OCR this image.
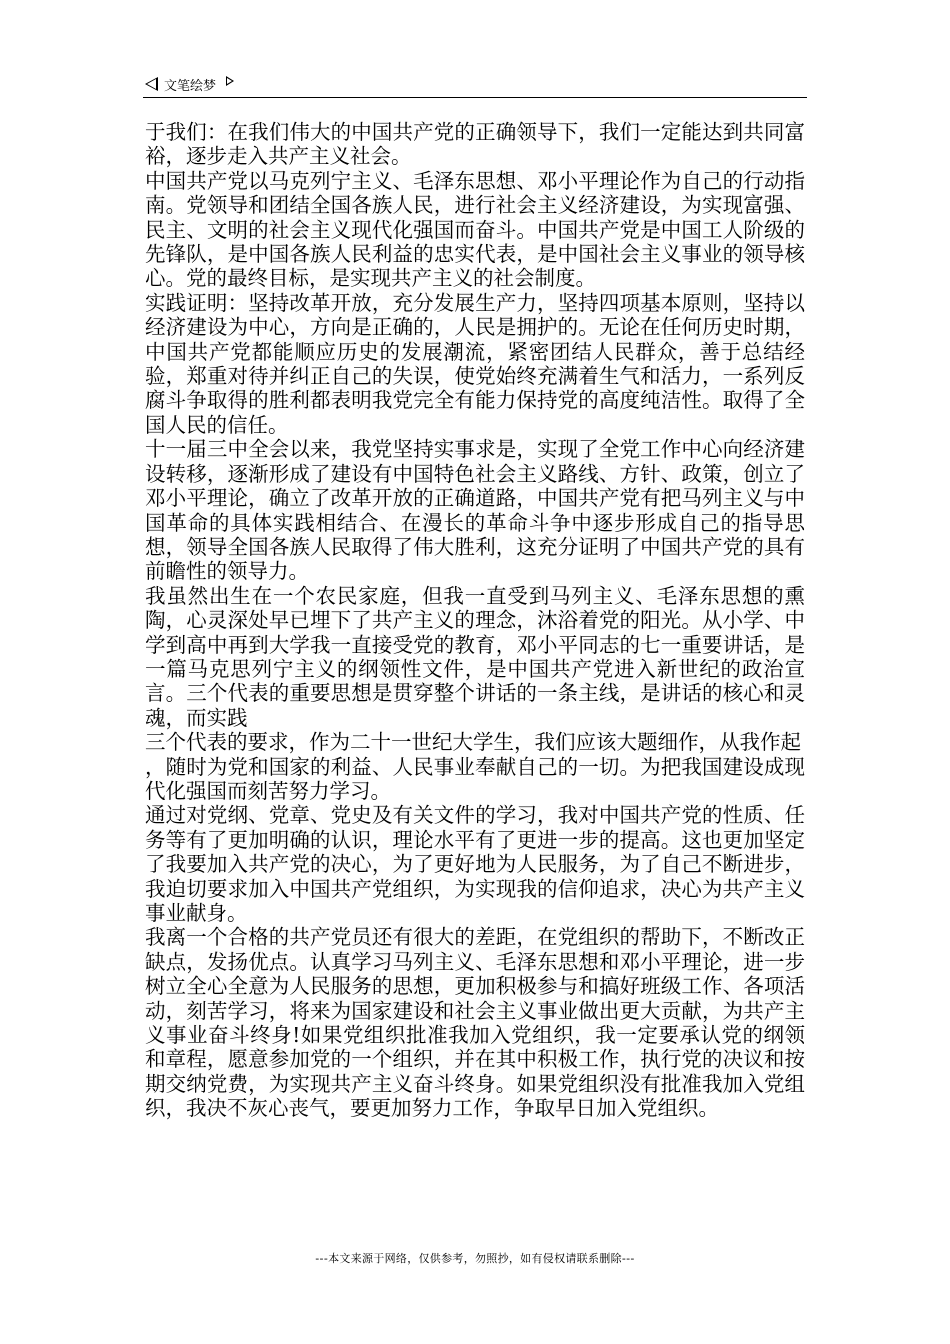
文笔绘梦

于我们：在我们伟大的中国共产党的正确领导下，我们一定能达到共同富裕，逐步走入共产主义社会。

中国共产党以马克列宁主义、毛泽东思想、邓小平理论作为自己的行动指南。党领导和团结全国各族人民，进行社会主义经济建设，为实现富强、民主、文明的社会主义现代化强国而奋斗。中国共产党是中国工人阶级的先锋队，是中国各族人民利益的忠实代表，是中国社会主义事业的领导核心。党的最终目标，是实现共产主义的社会制度。

实践证明：坚持改革开放，充分发展生产力，坚持四项基本原则，坚持以经济建设为中心，方向是正确的，人民是拥护的。无论在任何历史时期，中国共产党都能顺应历史的发展潮流，紧密团结人民群众，善于总结经验，郑重对待并纠正自己的失误，使党始终充满着生气和活力，一系列反腐斗争取得的胜利都表明我党完全有能力保持党的高度纯洁性。取得了全国人民的信任。

十一届三中全会以来，我党坚持实事求是，实现了全党工作中心向经济建设转移，逐渐形成了建设有中国特色社会主义路线、方针、政策，创立了邓小平理论，确立了改革开放的正确道路，中国共产党有把马列主义与中国革命的具体实践相结合、在漫长的革命斗争中逐步形成自己的指导思想，领导全国各族人民取得了伟大胜利，这充分证明了中国共产党的具有前瞻性的领导力。

我虽然出生在一个农民家庭，但我一直受到马列主义、毛泽东思想的熏陶，心灵深处早已埋下了共产主义的理念，沐浴着党的阳光。从小学、中学到高中再到大学我一直接受党的教育，邓小平同志的七一重要讲话，是一篇马克思列宁主义的纲领性文件，是中国共产党进入新世纪的政治宣言。三个代表的重要思想是贯穿整个讲话的一条主线，是讲话的核心和灵魂，而实践

三个代表的要求，作为二十一世纪大学生，我们应该大题细作，从我作起

，随时为党和国家的利益、人民事业奉献自己的一切。为把我国建设成现代化强国而刻苦努力学习。

通过对党纲、党章、党史及有关文件的学习，我对中国共产党的性质、任务等有了更加明确的认识，理论水平有了更进一步的提高。这也更加坚定了我要加入共产党的决心，为了更好地为人民服务，为了自己不断进步，我迫切要求加入中国共产党组织，为实现我的信仰追求，决心为共产主义事业献身。

我离一个合格的共产党员还有很大的差距，在党组织的帮助下，不断改正缺点，发扬优点。认真学习马列主义、毛泽东思想和邓小平理论，进一步树立全心全意为人民服务的思想，更加积极参与和搞好班级工作、各项活动，刻苦学习，将来为国家建设和社会主义事业做出更大贡献，为共产主义事业奋斗终身!如果党组织批准我加入党组织，我一定要承认党的纲领和章程，愿意参加党的一个组织，并在其中积极工作，执行党的决议和按期交纳党费，为实现共产主义奋斗终身。如果党组织没有批准我加入党组织，我决不灰心丧气，要更加努力工作，争取早日加入党组织。

---本文来源于网络，仅供参考，勿照抄，如有侵权请联系删除---
